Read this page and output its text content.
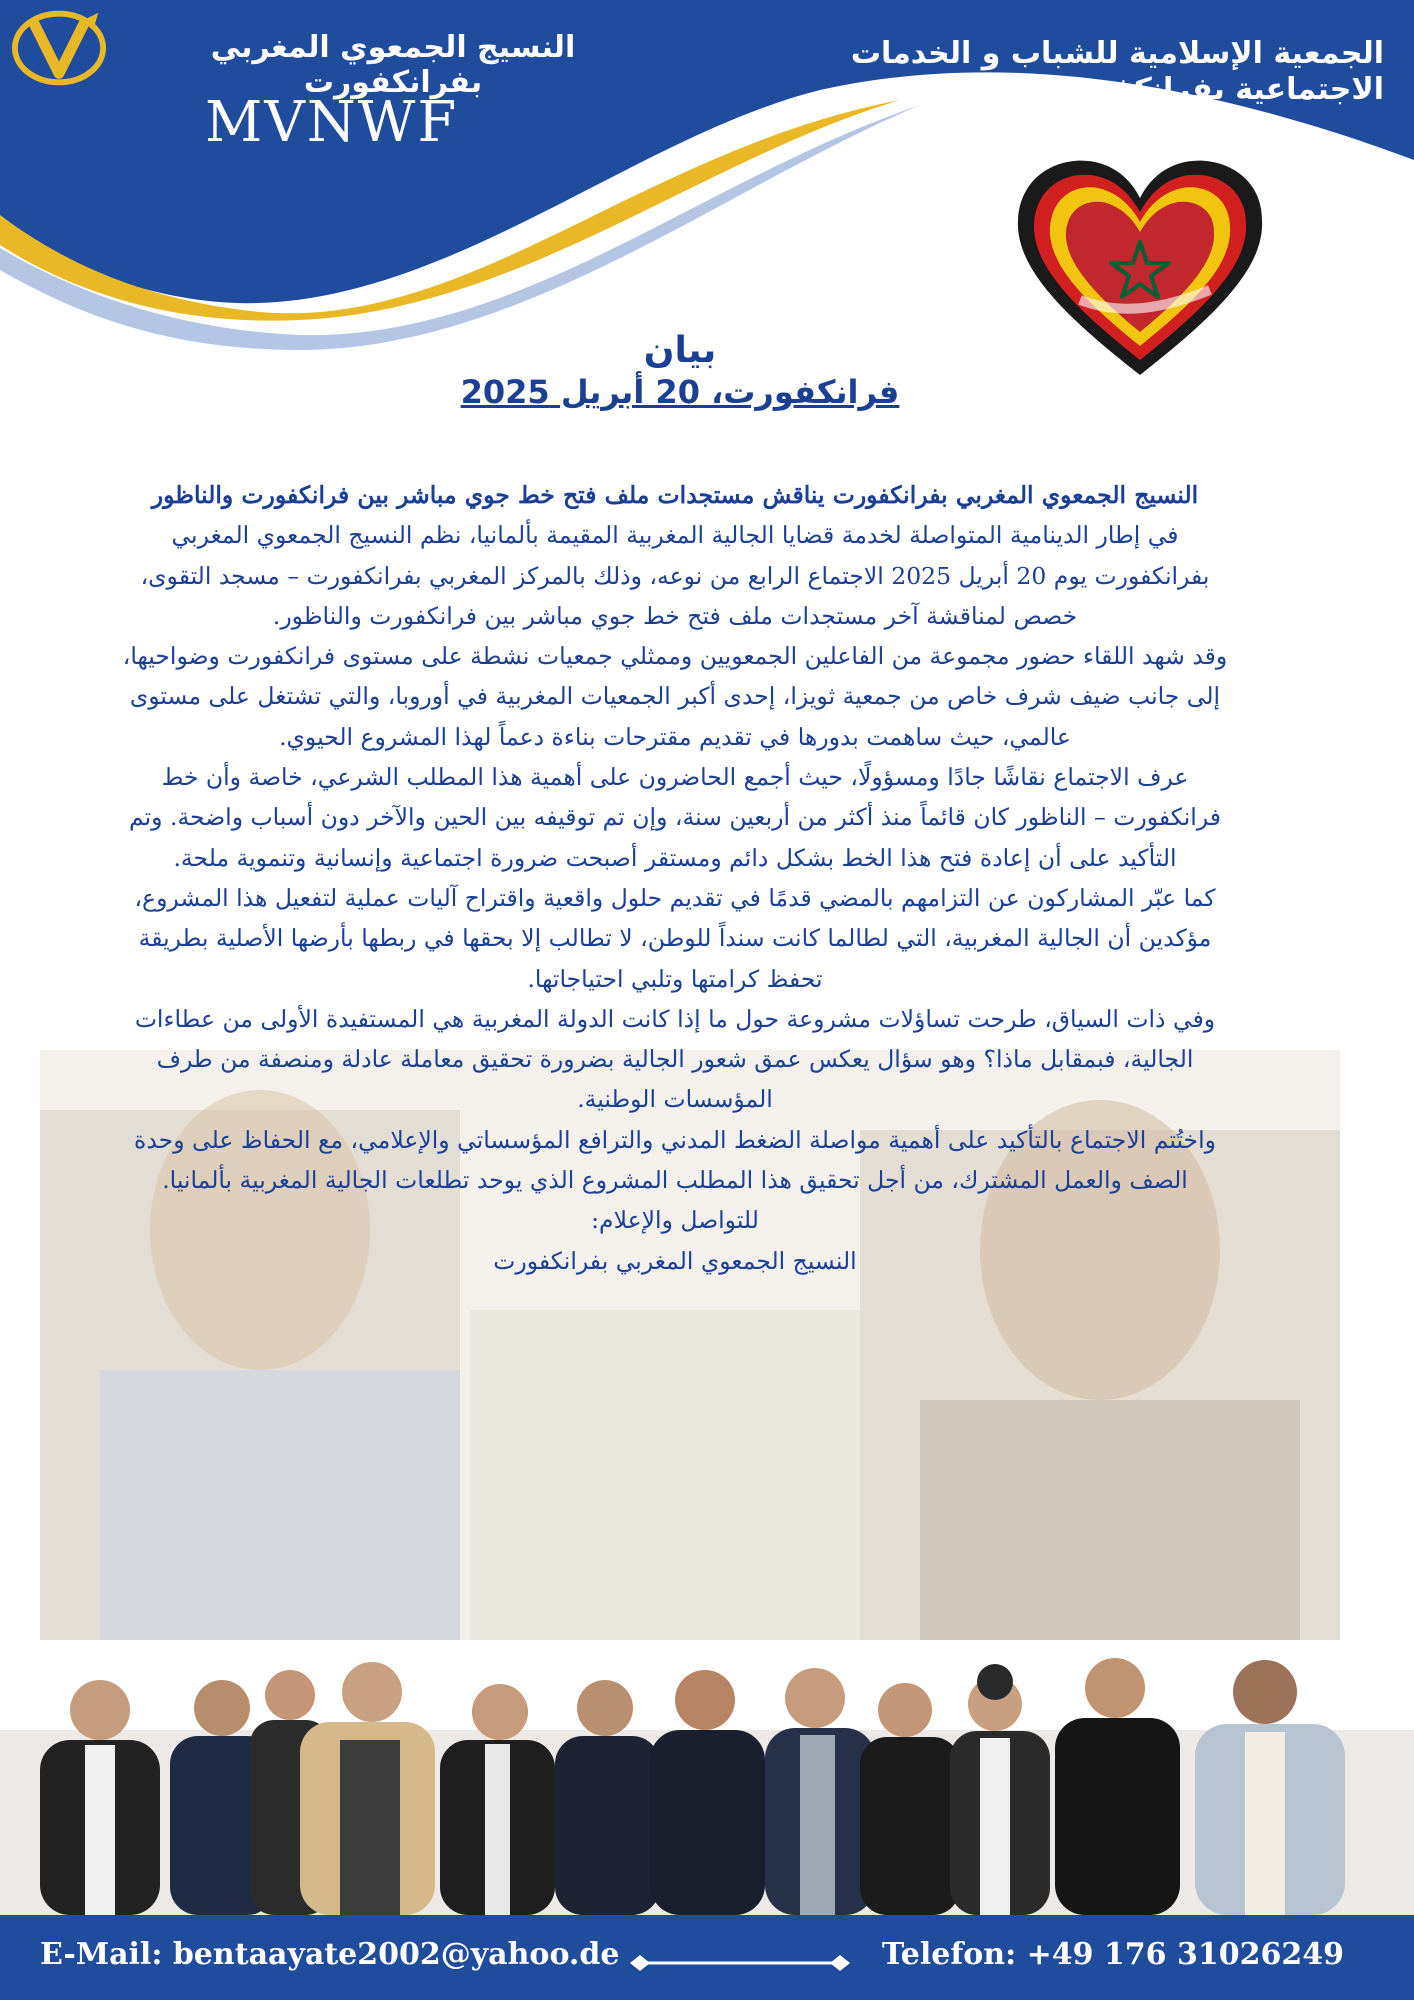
النسيج الجمعوي المغربي بفرانكفورت
MVNWF
الجمعية الإسلامية للشباب و الخدمات
الاجتماعية بفرانكفورت
بيان
فرانكفورت، 20 أبريل 2025

النسيج الجمعوي المغربي بفرانكفورت يناقش مستجدات ملف فتح خط جوي مباشر بين فرانكفورت والناظور

في إطار الدينامية المتواصلة لخدمة قضايا الجالية المغربية المقيمة بألمانيا، نظم النسيج الجمعوي المغربي بفرانكفورت يوم 20 أبريل 2025 الاجتماع الرابع من نوعه، وذلك بالمركز المغربي بفرانكفورت – مسجد التقوى، خصص لمناقشة آخر مستجدات ملف فتح خط جوي مباشر بين فرانكفورت والناظور.

وقد شهد اللقاء حضور مجموعة من الفاعلين الجمعويين وممثلي جمعيات نشطة على مستوى فرانكفورت وضواحيها، إلى جانب ضيف شرف خاص من جمعية ثويزا، إحدى أكبر الجمعيات المغربية في أوروبا، والتي تشتغل على مستوى عالمي، حيث ساهمت بدورها في تقديم مقترحات بناءة دعماً لهذا المشروع الحيوي.

عرف الاجتماع نقاشًا جادًا ومسؤولًا، حيث أجمع الحاضرون على أهمية هذا المطلب الشرعي، خاصة وأن خط فرانكفورت – الناظور كان قائماً منذ أكثر من أربعين سنة، وإن تم توقيفه بين الحين والآخر دون أسباب واضحة. وتم التأكيد على أن إعادة فتح هذا الخط بشكل دائم ومستقر أصبحت ضرورة اجتماعية وإنسانية وتنموية ملحة.

كما عبّر المشاركون عن التزامهم بالمضي قدمًا في تقديم حلول واقعية واقتراح آليات عملية لتفعيل هذا المشروع، مؤكدين أن الجالية المغربية، التي لطالما كانت سنداً للوطن، لا تطالب إلا بحقها في ربطها بأرضها الأصلية بطريقة تحفظ كرامتها وتلبي احتياجاتها.

وفي ذات السياق، طرحت تساؤلات مشروعة حول ما إذا كانت الدولة المغربية هي المستفيدة الأولى من عطاءات الجالية، فبمقابل ماذا؟ وهو سؤال يعكس عمق شعور الجالية بضرورة تحقيق معاملة عادلة ومنصفة من طرف المؤسسات الوطنية.

واختُتم الاجتماع بالتأكيد على أهمية مواصلة الضغط المدني والترافع المؤسساتي والإعلامي، مع الحفاظ على وحدة الصف والعمل المشترك، من أجل تحقيق هذا المطلب المشروع الذي يوحد تطلعات الجالية المغربية بألمانيا.

للتواصل والإعلام:

النسيج الجمعوي المغربي بفرانكفورت

E-Mail: bentaayate2002@yahoo.de	Telefon: +49 176 31026249
